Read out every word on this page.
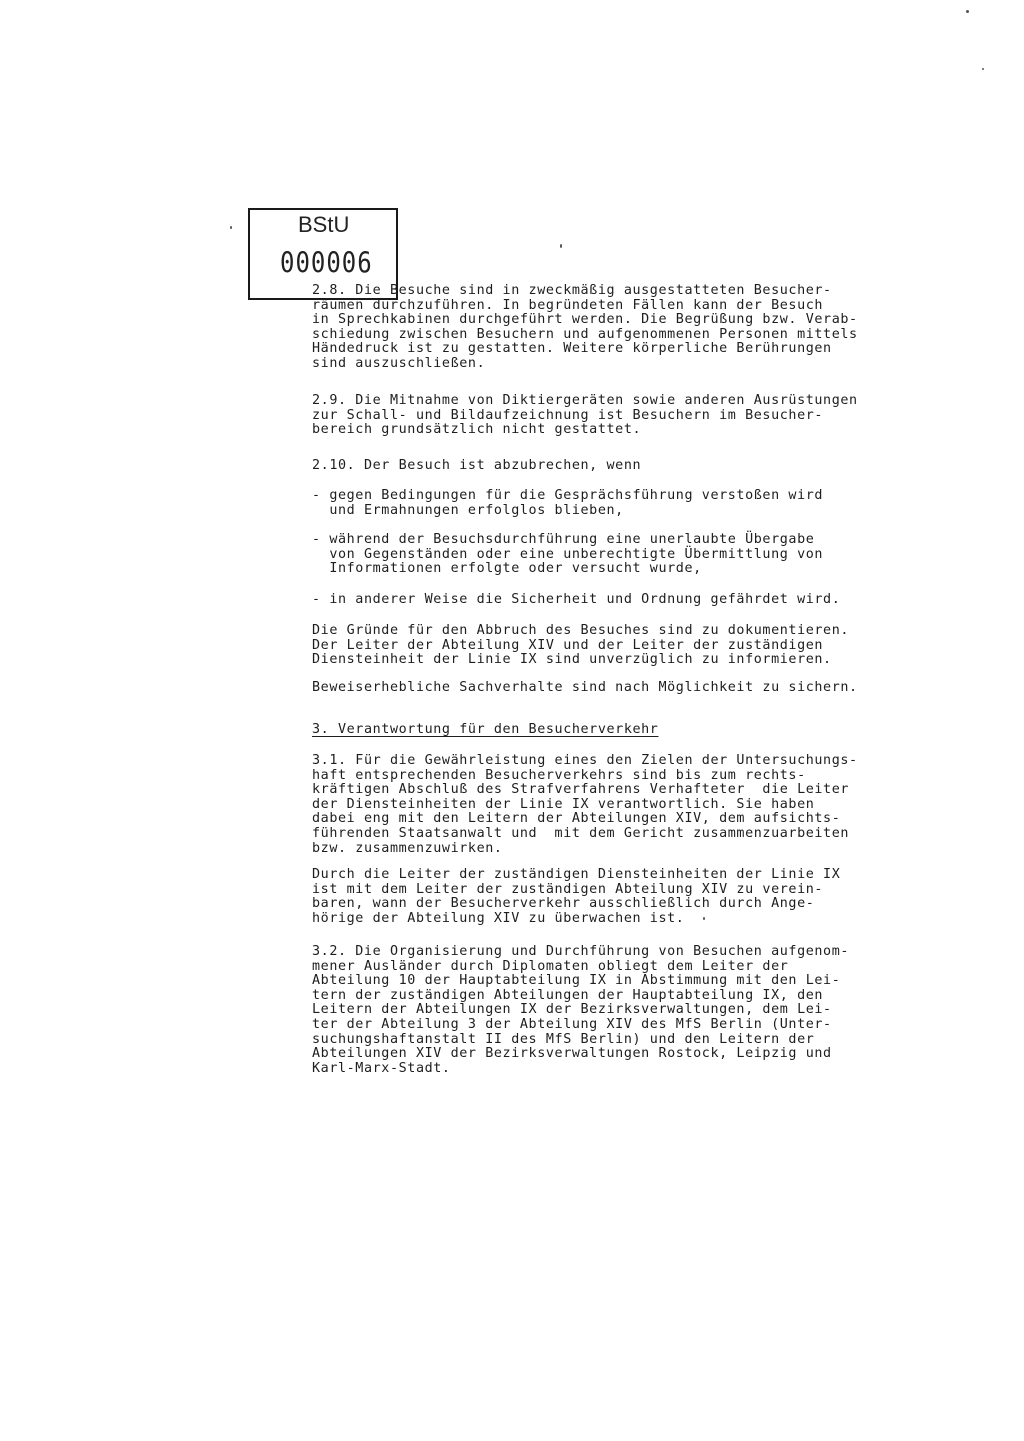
BStU
000006
2.8. Die Besuche sind in zweckmäßig ausgestatteten Besucher-
räumen durchzuführen. In begründeten Fällen kann der Besuch
in Sprechkabinen durchgeführt werden. Die Begrüßung bzw. Verab-
schiedung zwischen Besuchern und aufgenommenen Personen mittels
Händedruck ist zu gestatten. Weitere körperliche Berührungen
sind auszuschließen.
2.9. Die Mitnahme von Diktiergeräten sowie anderen Ausrüstungen
zur Schall- und Bildaufzeichnung ist Besuchern im Besucher-
bereich grundsätzlich nicht gestattet.
2.10. Der Besuch ist abzubrechen, wenn
- gegen Bedingungen für die Gesprächsführung verstoßen wird
und Ermahnungen erfolglos blieben,
- während der Besuchsdurchführung eine unerlaubte Übergabe
von Gegenständen oder eine unberechtigte Übermittlung von
Informationen erfolgte oder versucht wurde,
- in anderer Weise die Sicherheit und Ordnung gefährdet wird.
Die Gründe für den Abbruch des Besuches sind zu dokumentieren.
Der Leiter der Abteilung XIV und der Leiter der zuständigen
Diensteinheit der Linie IX sind unverzüglich zu informieren.
Beweiserhebliche Sachverhalte sind nach Möglichkeit zu sichern.
3. Verantwortung für den Besucherverkehr
3.1. Für die Gewährleistung eines den Zielen der Untersuchungs-
haft entsprechenden Besucherverkehrs sind bis zum rechts-
kräftigen Abschluß des Strafverfahrens Verhafteter  die Leiter
der Diensteinheiten der Linie IX verantwortlich. Sie haben
dabei eng mit den Leitern der Abteilungen XIV, dem aufsichts-
führenden Staatsanwalt und  mit dem Gericht zusammenzuarbeiten
bzw. zusammenzuwirken.
Durch die Leiter der zuständigen Diensteinheiten der Linie IX
ist mit dem Leiter der zuständigen Abteilung XIV zu verein-
baren, wann der Besucherverkehr ausschließlich durch Ange-
hörige der Abteilung XIV zu überwachen ist.
3.2. Die Organisierung und Durchführung von Besuchen aufgenom-
mener Ausländer durch Diplomaten obliegt dem Leiter der
Abteilung 10 der Hauptabteilung IX in Abstimmung mit den Lei-
tern der zuständigen Abteilungen der Hauptabteilung IX, den
Leitern der Abteilungen IX der Bezirksverwaltungen, dem Lei-
ter der Abteilung 3 der Abteilung XIV des MfS Berlin (Unter-
suchungshaftanstalt II des MfS Berlin) und den Leitern der
Abteilungen XIV der Bezirksverwaltungen Rostock, Leipzig und
Karl-Marx-Stadt.
